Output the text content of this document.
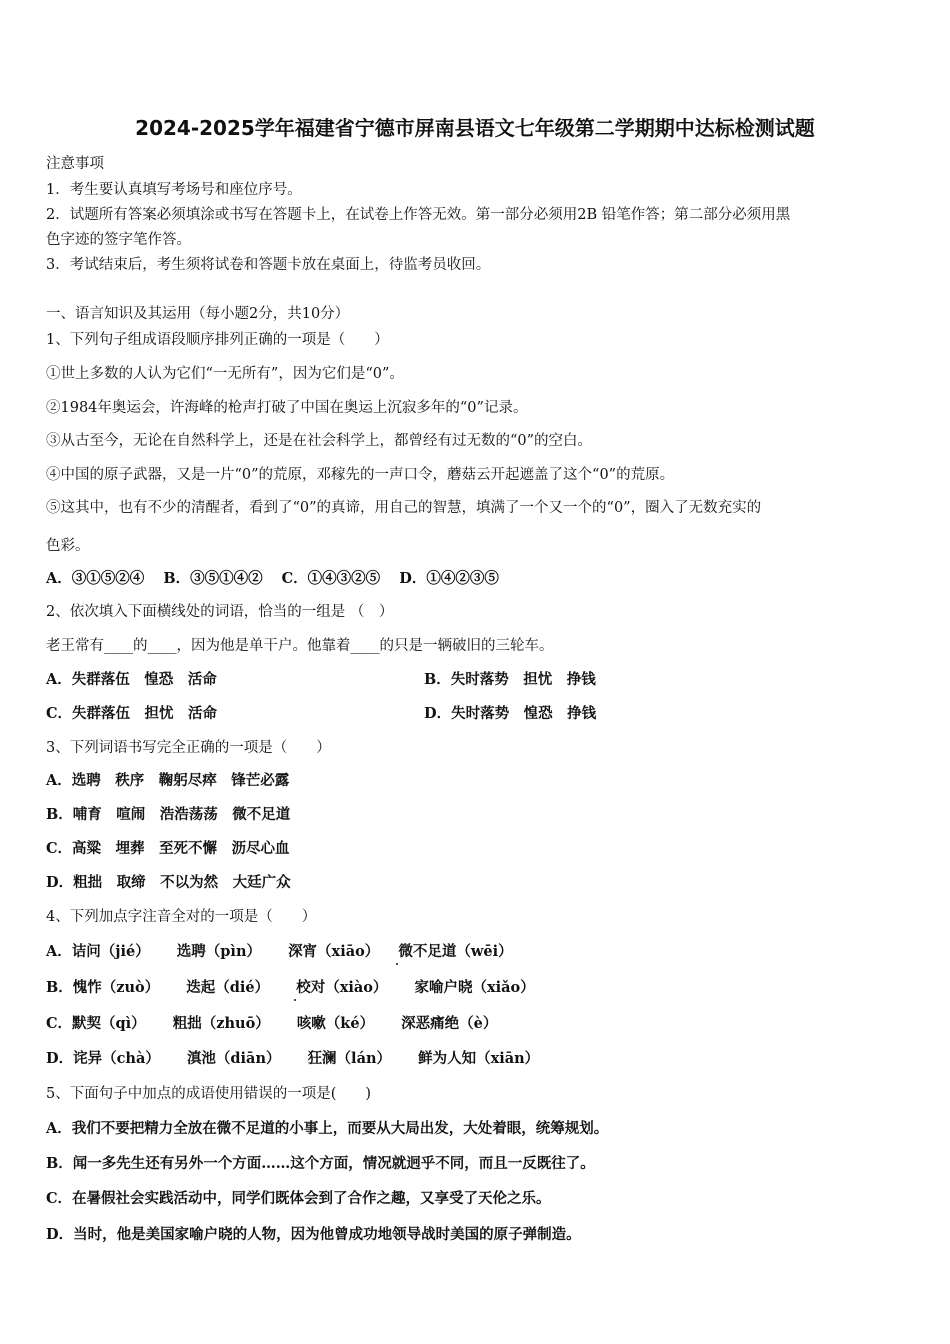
2024-2025学年福建省宁德市屏南县语文七年级第二学期期中达标检测试题
注意事项
1．考生要认真填写考场号和座位序号。
2．试题所有答案必须填涂或书写在答题卡上，在试卷上作答无效。第一部分必须用2B 铅笔作答；第二部分必须用黑
色字迹的签字笔作答。
3．考试结束后，考生须将试卷和答题卡放在桌面上，待监考员收回。
一、语言知识及其运用（每小题2分，共10分）
1、下列句子组成语段顺序排列正确的一项是（　　）
①世上多数的人认为它们“一无所有”，因为它们是“0”。
②1984年奥运会，许海峰的枪声打破了中国在奥运上沉寂多年的“0”记录。
③从古至今，无论在自然科学上，还是在社会科学上，都曾经有过无数的“0”的空白。
④中国的原子武器，又是一片“0”的荒原，邓稼先的一声口令，蘑菇云开起遮盖了这个“0”的荒原。
⑤这其中，也有不少的清醒者，看到了“0”的真谛，用自己的智慧，填满了一个又一个的“0”，圈入了无数充实的
色彩。
A．③①⑤②④ B．③⑤①④② C．①④③②⑤ D．①④②③⑤
2、依次填入下面横线处的词语，恰当的一组是 （　）
老王常有____的____，因为他是单干户。他靠着____的只是一辆破旧的三轮车。
A．失群落伍　惶恐　活命	B．失时落势　担忧　挣钱
C．失群落伍　担忧　活命	D．失时落势　惶恐　挣钱
3、下列词语书写完全正确的一项是（　　）
A．选聘　秩序　鞠躬尽瘁　锋芒必露
B．哺育　喧闹　浩浩荡荡　微不足道
C．高粱　埋葬　至死不懈　沥尽心血
D．粗拙　取缔　不以为然　大廷广众
4、下列加点字注音全对的一项是（　　）
A．诘问（jié） 选聘（pìn） 深宵（xiāo） 微不足道（wēi）
B．愧怍（zuò） 迭起（dié） 校对（xiào） 家喻户晓（xiǎo）
C．默契（qì） 粗拙（zhuō） 咳嗽（ké） 深恶痛绝（è）
D．诧异（chà） 滇池（diān） 狂澜（lán） 鲜为人知（xiān）
5、下面句子中加点的成语使用错误的一项是(　　)
A．我们不要把精力全放在微不足道的小事上，而要从大局出发，大处着眼，统筹规划。
B．闻一多先生还有另外一个方面……这个方面，情况就迥乎不同，而且一反既往了。
C．在暑假社会实践活动中，同学们既体会到了合作之趣，又享受了天伦之乐。
D．当时，他是美国家喻户晓的人物，因为他曾成功地领导战时美国的原子弹制造。
